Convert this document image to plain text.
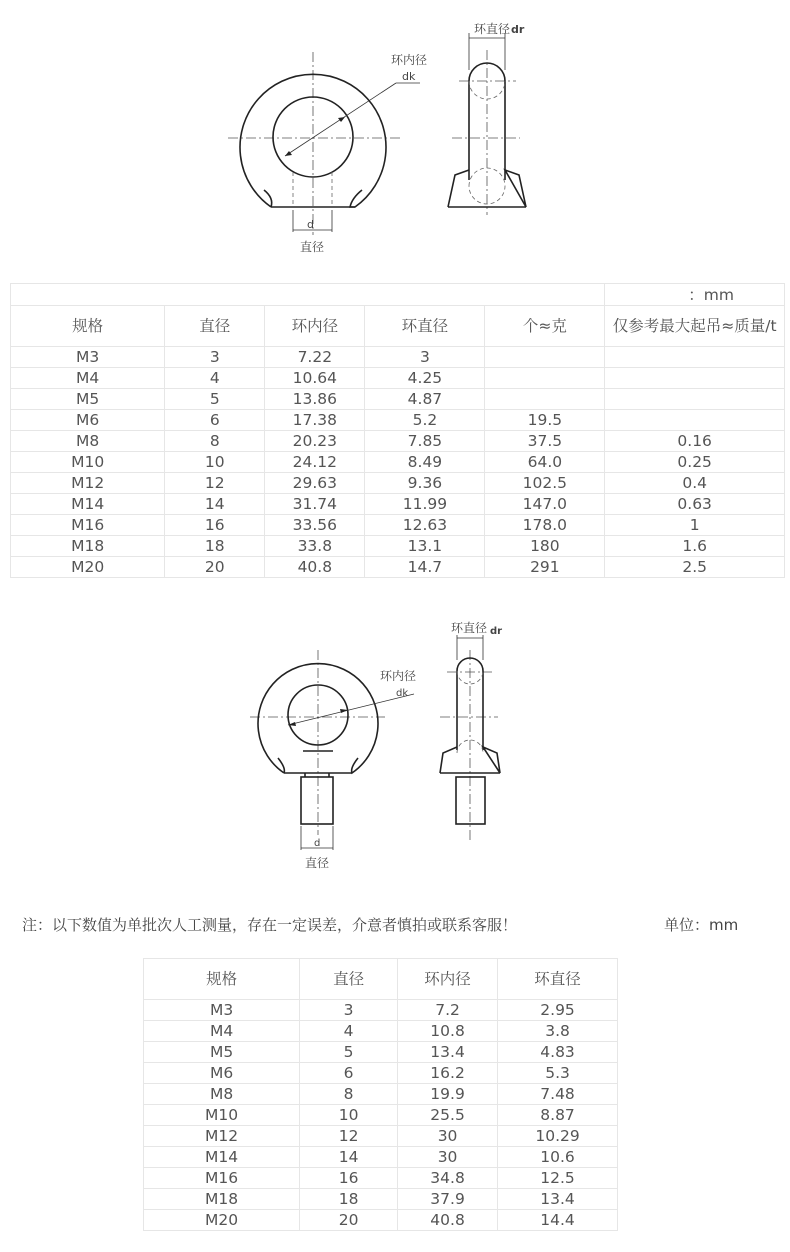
环内径
dk
d
直径
环直径 dr
					：mm
规格	直径	环内径	环直径	个≈克	仅参考最大起吊≈质量/t
M3	3	7.22	3		
M4	4	10.64	4.25		
M5	5	13.86	4.87		
M6	6	17.38	5.2	19.5	
M8	8	20.23	7.85	37.5	0.16
M10	10	24.12	8.49	64.0	0.25
M12	12	29.63	9.36	102.5	0.4
M14	14	31.74	11.99	147.0	0.63
M16	16	33.56	12.63	178.0	1
M18	18	33.8	13.1	180	1.6
M20	20	40.8	14.7	291	2.5
环内径
dk
d
直径
环直径 dr
注：以下数值为单批次人工测量，存在一定误差，介意者慎拍或联系客服！	单位：mm
规格	直径	环内径	环直径
M3	3	7.2	2.95
M4	4	10.8	3.8
M5	5	13.4	4.83
M6	6	16.2	5.3
M8	8	19.9	7.48
M10	10	25.5	8.87
M12	12	30	10.29
M14	14	30	10.6
M16	16	34.8	12.5
M18	18	37.9	13.4
M20	20	40.8	14.4
